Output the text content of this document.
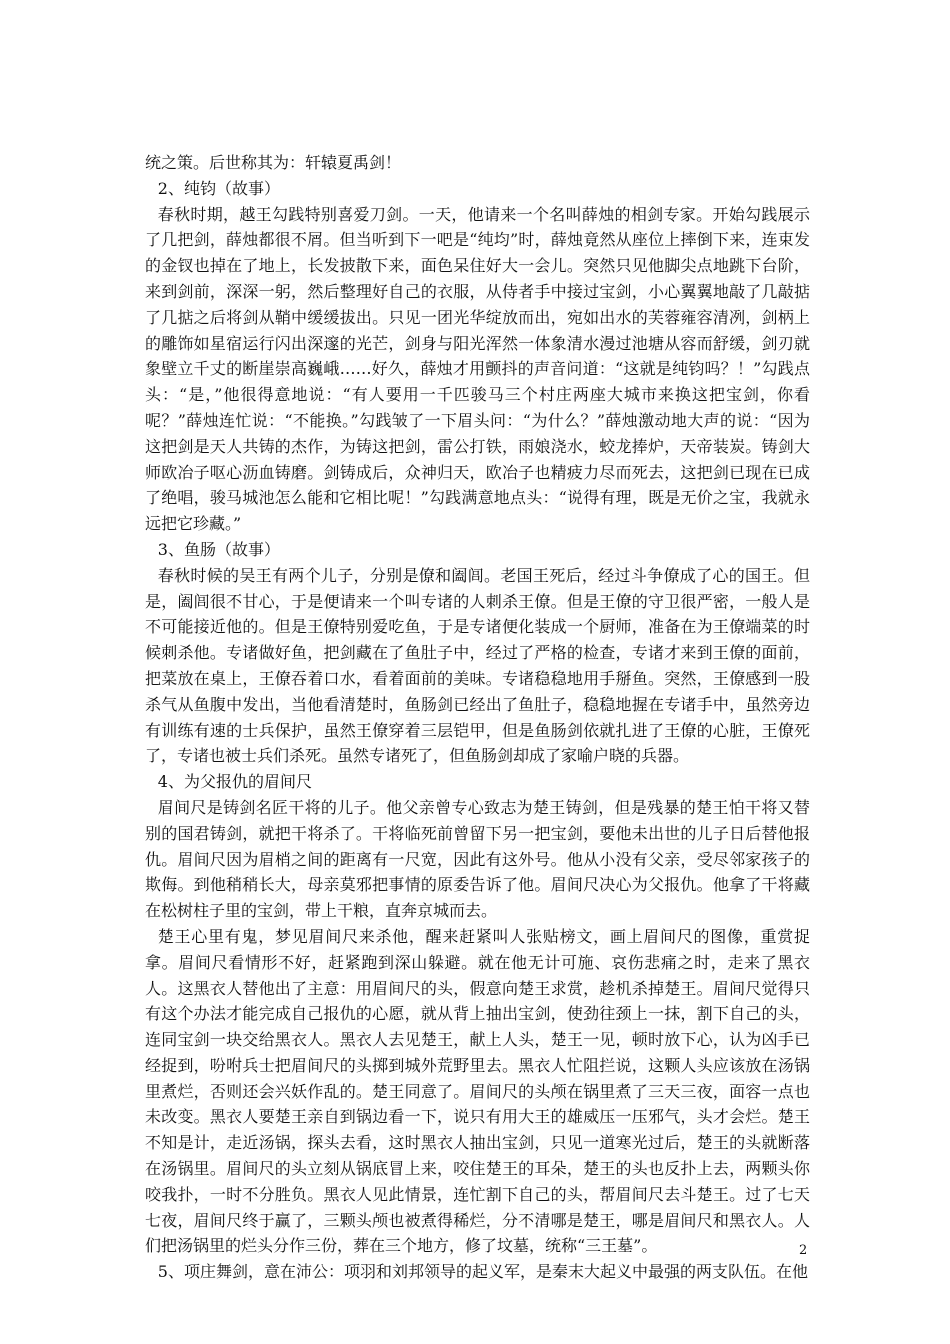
统之策。后世称其为：轩辕夏禹剑！

2、纯钧（故事）

春秋时期，越王勾践特别喜爱刀剑。一天，他请来一个名叫薛烛的相剑专家。开始勾践展示了几把剑，薛烛都很不屑。但当听到下一吧是“纯均”时，薛烛竟然从座位上摔倒下来，连束发的金钗也掉在了地上，长发披散下来，面色呆住好大一会儿。突然只见他脚尖点地跳下台阶，来到剑前，深深一躬，然后整理好自己的衣服，从侍者手中接过宝剑，小心翼翼地敲了几敲掂了几掂之后将剑从鞘中缓缓拔出。只见一团光华绽放而出，宛如出水的芙蓉雍容清冽，剑柄上的雕饰如星宿运行闪出深邃的光芒，剑身与阳光浑然一体象清水漫过池塘从容而舒缓，剑刃就象壁立千丈的断崖崇高巍峨……好久，薛烛才用颤抖的声音问道：“这就是纯钧吗？！”勾践点头：“是，”他很得意地说：“有人要用一千匹骏马三个村庄两座大城市来换这把宝剑，你看呢？”薛烛连忙说：“不能换。”勾践皱了一下眉头问：“为什么？”薛烛激动地大声的说：“因为这把剑是天人共铸的杰作，为铸这把剑，雷公打铁，雨娘浇水，蛟龙捧炉，天帝装炭。铸剑大师欧冶子呕心沥血铸磨。剑铸成后，众神归天，欧冶子也精疲力尽而死去，这把剑已现在已成了绝唱，骏马城池怎么能和它相比呢！”勾践满意地点头：“说得有理，既是无价之宝，我就永远把它珍藏。”

3、鱼肠（故事）

春秋时候的吴王有两个儿子，分别是僚和阖闾。老国王死后，经过斗争僚成了心的国王。但是，阖闾很不甘心，于是便请来一个叫专诸的人刺杀王僚。但是王僚的守卫很严密，一般人是不可能接近他的。但是王僚特别爱吃鱼，于是专诸便化装成一个厨师，准备在为王僚端菜的时候刺杀他。专诸做好鱼，把剑藏在了鱼肚子中，经过了严格的检查，专诸才来到王僚的面前，把菜放在桌上，王僚吞着口水，看着面前的美味。专诸稳稳地用手掰鱼。突然，王僚感到一股杀气从鱼腹中发出，当他看清楚时，鱼肠剑已经出了鱼肚子，稳稳地握在专诸手中，虽然旁边有训练有速的士兵保护，虽然王僚穿着三层铠甲，但是鱼肠剑依就扎进了王僚的心脏，王僚死了，专诸也被士兵们杀死。虽然专诸死了，但鱼肠剑却成了家喻户晓的兵器。

4、为父报仇的眉间尺

眉间尺是铸剑名匠干将的儿子。他父亲曾专心致志为楚王铸剑，但是残暴的楚王怕干将又替别的国君铸剑，就把干将杀了。干将临死前曾留下另一把宝剑，要他未出世的儿子日后替他报仇。眉间尺因为眉梢之间的距离有一尺宽，因此有这外号。他从小没有父亲，受尽邻家孩子的欺侮。到他稍稍长大，母亲莫邪把事情的原委告诉了他。眉间尺决心为父报仇。他拿了干将藏在松树柱子里的宝剑，带上干粮，直奔京城而去。

楚王心里有鬼，梦见眉间尺来杀他，醒来赶紧叫人张贴榜文，画上眉间尺的图像，重赏捉拿。眉间尺看情形不好，赶紧跑到深山躲避。就在他无计可施、哀伤悲痛之时，走来了黑衣人。这黑衣人替他出了主意：用眉间尺的头，假意向楚王求赏，趁机杀掉楚王。眉间尺觉得只有这个办法才能完成自己报仇的心愿，就从背上抽出宝剑，使劲往颈上一抹，割下自己的头，连同宝剑一块交给黑衣人。黑衣人去见楚王，献上人头，楚王一见，顿时放下心，认为凶手已经捉到，吩咐兵士把眉间尺的头掷到城外荒野里去。黑衣人忙阻拦说，这颗人头应该放在汤锅里煮烂，否则还会兴妖作乱的。楚王同意了。眉间尺的头颅在锅里煮了三天三夜，面容一点也未改变。黑衣人要楚王亲自到锅边看一下，说只有用大王的雄威压一压邪气，头才会烂。楚王不知是计，走近汤锅，探头去看，这时黑衣人抽出宝剑，只见一道寒光过后，楚王的头就断落在汤锅里。眉间尺的头立刻从锅底冒上来，咬住楚王的耳朵，楚王的头也反扑上去，两颗头你咬我扑，一时不分胜负。黑衣人见此情景，连忙割下自己的头，帮眉间尺去斗楚王。过了七天七夜，眉间尺终于赢了，三颗头颅也被煮得稀烂，分不清哪是楚王，哪是眉间尺和黑衣人。人们把汤锅里的烂头分作三份，葬在三个地方，修了坟墓，统称“三王墓”。

5、项庄舞剑，意在沛公：项羽和刘邦领导的起义军，是秦末大起义中最强的两支队伍。在他

2
